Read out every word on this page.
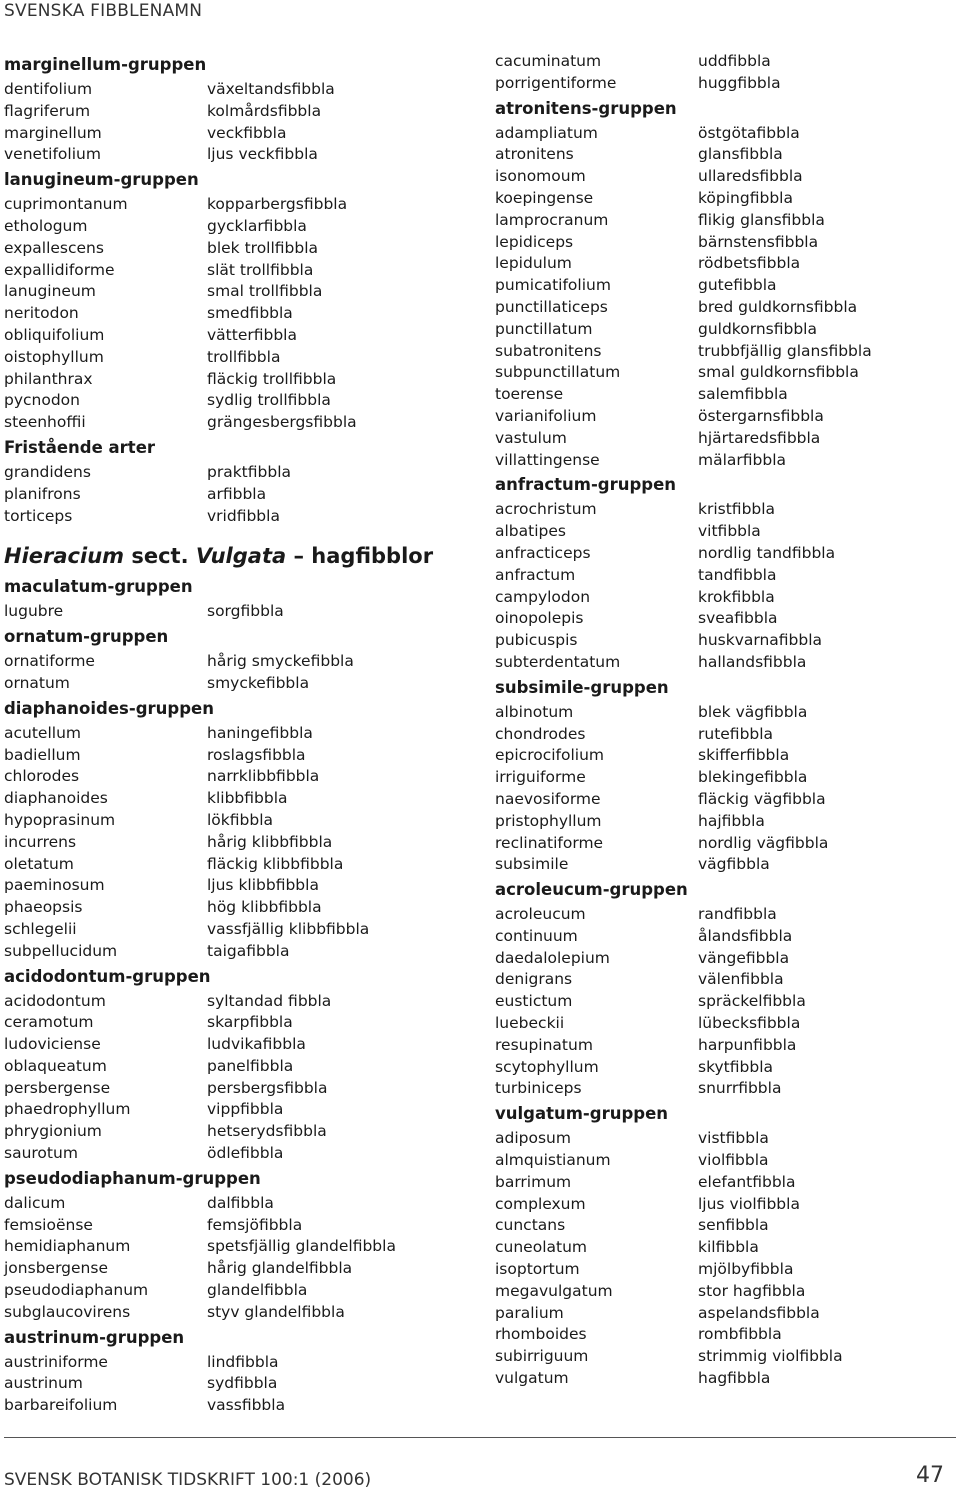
SVENSKA FIBBLENAMN
marginellum-gruppen
dentifolium	växeltandsfibbla
flagriferum	kolmårdsfibbla
marginellum	veckfibbla
venetifolium	ljus veckfibbla
lanugineum-gruppen
cuprimontanum	kopparbergsfibbla
ethologum	gycklarfibbla
expallescens	blek trollfibbla
expallidiforme	slät trollfibbla
lanugineum	smal trollfibbla
neritodon	smedfibbla
obliquifolium	vätterfibbla
oistophyllum	trollfibbla
philanthrax	fläckig trollfibbla
pycnodon	sydlig trollfibbla
steenhoffii	grängesbergsfibbla
Fristående arter
grandidens	praktfibbla
planifrons	arfibbla
torticeps	vridfibbla
Hieracium sect. Vulgata – hagfibblor
maculatum-gruppen
lugubre	sorgfibbla
ornatum-gruppen
ornatiforme	hårig smyckefibbla
ornatum	smyckefibbla
diaphanoides-gruppen
acutellum	haningefibbla
badiellum	roslagsfibbla
chlorodes	narrklibbfibbla
diaphanoides	klibbfibbla
hypoprasinum	lökfibbla
incurrens	hårig klibbfibbla
oletatum	fläckig klibbfibbla
paeminosum	ljus klibbfibbla
phaeopsis	hög klibbfibbla
schlegelii	vassfjällig klibbfibbla
subpellucidum	taigafibbla
acidodontum-gruppen
acidodontum	syltandad fibbla
ceramotum	skarpfibbla
ludoviciense	ludvikafibbla
oblaqueatum	panelfibbla
persbergense	persbergsfibbla
phaedrophyllum	vippfibbla
phrygionium	hetserydsfibbla
saurotum	ödlefibbla
pseudodiaphanum-gruppen
dalicum	dalfibbla
femsioënse	femsjöfibbla
hemidiaphanum	spetsfjällig glandelfibbla
jonsbergense	hårig glandelfibbla
pseudodiaphanum	glandelfibbla
subglaucovirens	styv glandelfibbla
austrinum-gruppen
austriniforme	lindfibbla
austrinum	sydfibbla
barbareifolium	vassfibbla
cacuminatum	uddfibbla
porrigentiforme	huggfibbla
atronitens-gruppen
adampliatum	östgötafibbla
atronitens	glansfibbla
isonomoum	ullaredsfibbla
koepingense	köpingfibbla
lamprocranum	flikig glansfibbla
lepidiceps	bärnstensfibbla
lepidulum	rödbetsfibbla
pumicatifolium	gutefibbla
punctillaticeps	bred guldkornsfibbla
punctillatum	guldkornsfibbla
subatronitens	trubbfjällig glansfibbla
subpunctillatum	smal guldkornsfibbla
toerense	salemfibbla
varianifolium	östergarnsfibbla
vastulum	hjärtaredsfibbla
villattingense	mälarfibbla
anfractum-gruppen
acrochristum	kristfibbla
albatipes	vitfibbla
anfracticeps	nordlig tandfibbla
anfractum	tandfibbla
campylodon	krokfibbla
oinopolepis	sveafibbla
pubicuspis	huskvarnafibbla
subterdentatum	hallandsfibbla
subsimile-gruppen
albinotum	blek vägfibbla
chondrodes	rutefibbla
epicrocifolium	skifferfibbla
irriguiforme	blekingefibbla
naevosiforme	fläckig vägfibbla
pristophyllum	hajfibbla
reclinatiforme	nordlig vägfibbla
subsimile	vägfibbla
acroleucum-gruppen
acroleucum	randfibbla
continuum	ålandsfibbla
daedalolepium	vängefibbla
denigrans	välenfibbla
eustictum	spräckelfibbla
luebeckii	lübecksfibbla
resupinatum	harpunfibbla
scytophyllum	skytfibbla
turbiniceps	snurrfibbla
vulgatum-gruppen
adiposum	vistfibbla
almquistianum	violfibbla
barrimum	elefantfibbla
complexum	ljus violfibbla
cunctans	senfibbla
cuneolatum	kilfibbla
isoptortum	mjölbyfibbla
megavulgatum	stor hagfibbla
paralium	aspelandsfibbla
rhomboides	rombfibbla
subirriguum	strimmig violfibbla
vulgatum	hagfibbla
SVENSK BOTANISK TIDSKRIFT 100:1 (2006)	47
